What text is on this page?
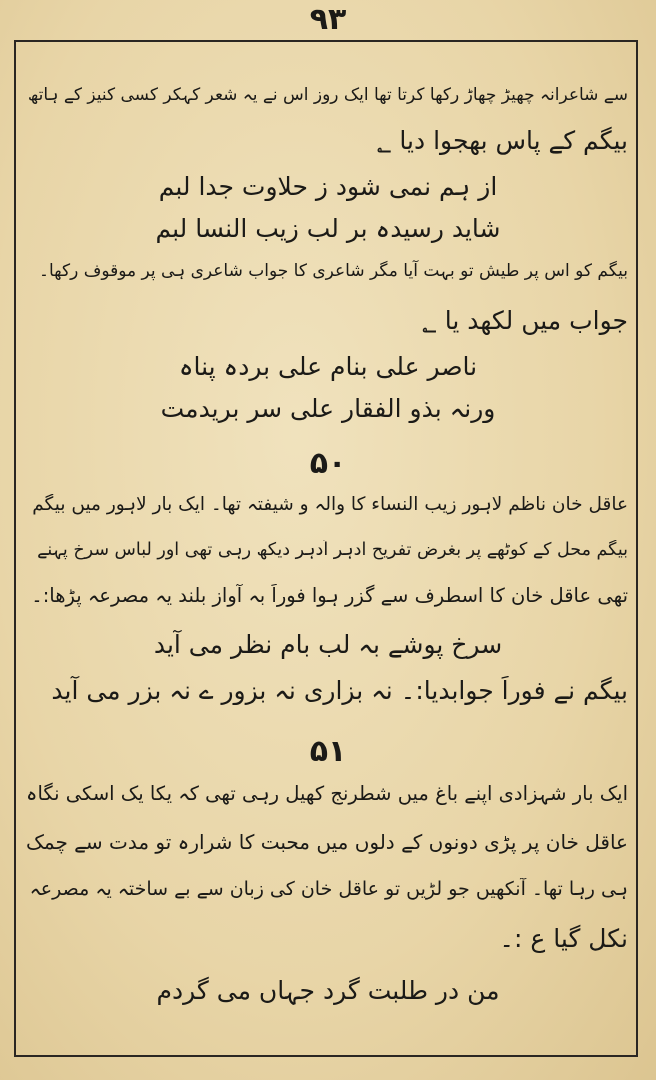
۹۳
سے شاعرانہ چھیڑ چھاڑ رکھا کرتا تھا ایک روز اس نے یہ شعر کہکر کسی کنیز کے ہاتھ
بیگم کے پاس بھجوا دیا ؂
از ہم نمی شود ز حلاوت جدا لبم
شاید رسیدہ بر لب زیب النسا لبم
بیگم کو اس پر طیش تو بہت آیا مگر شاعری کا جواب شاعری ہی پر موقوف رکھا۔
جواب میں لکھد یا ؂
ناصر علی بنام علی بردہ پناہ
ورنہ بذو الفقار علی سر بریدمت
۵۰
عاقل خان ناظم لاہور زیب النساء کا والہ و شیفتہ تھا۔ ایک بار لاہور میں بیگم
بیگم محل کے کوٹھے پر بغرض تفریح ادہر اُدہر دیکھ رہی تھی اور لباس سرخ پہنے
تھی عاقل خان کا اسطرف سے گزر ہوا فوراً بہ آواز بلند یہ مصرعہ پڑھا:۔
سرخ پوشے بہ لب بام نظر می آید
بیگم نے فوراً جوابدیا:۔ نہ بزاری نہ بزور ے نہ بزر می آید
۵۱
ایک بار شہزادی اپنے باغ میں شطرنج کھیل رہی تھی کہ یکا یک اسکی نگاہ
عاقل خان پر پڑی دونوں کے دلوں میں محبت کا شرارہ تو مدت سے چمک
ہی رہا تھا۔ آنکھیں جو لڑیں تو عاقل خان کی زبان سے بے ساختہ یہ مصرعہ
نکل گیا ع :۔
من در طلبت گرد جہاں می گردم
